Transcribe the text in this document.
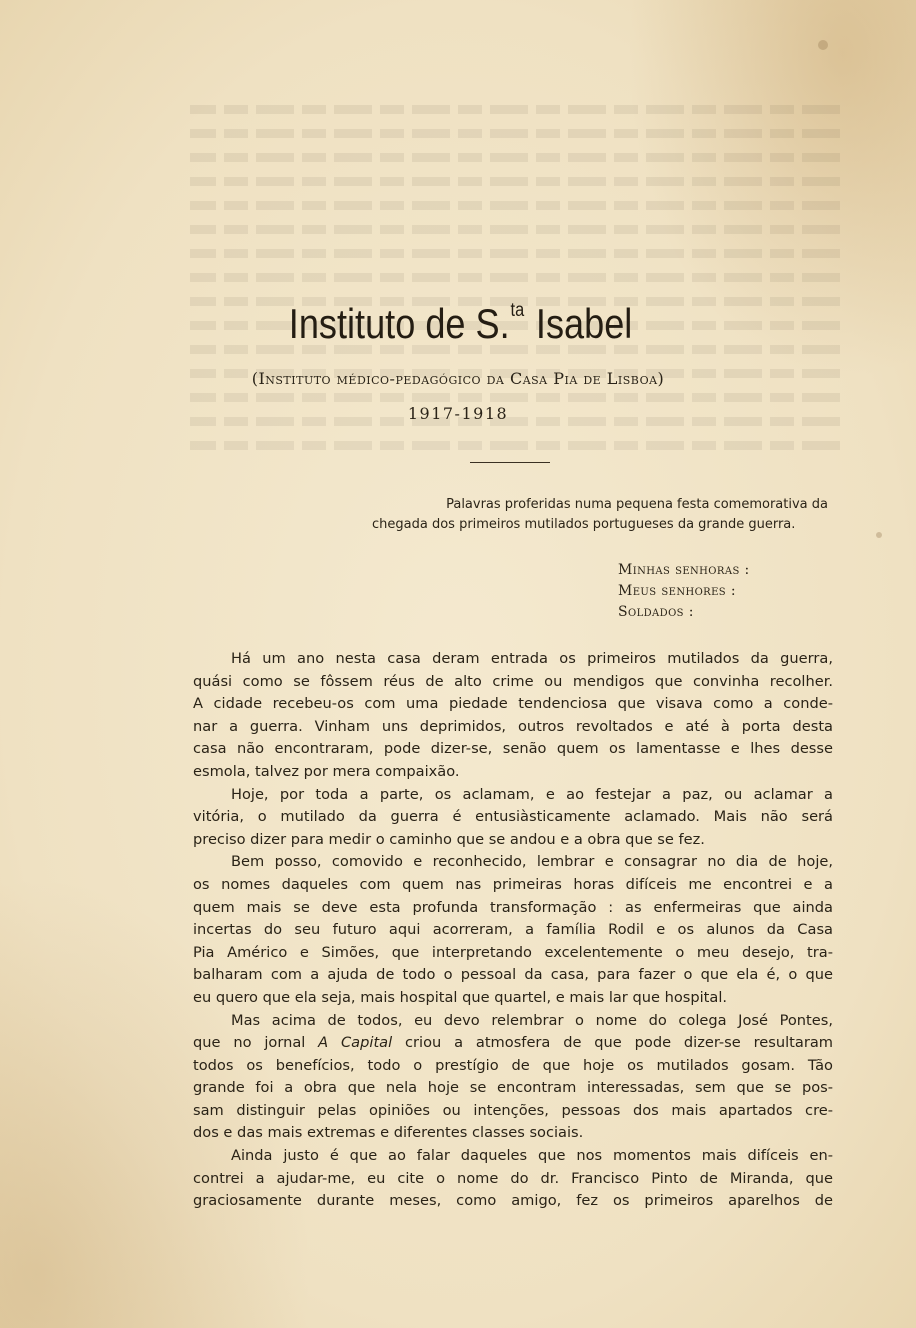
Instituto de S.$^{ta}$ Isabel
(Instituto médico-pedagógico da Casa Pia de Lisboa)
1917-1918

Palavras proferidas numa pequena festa comemorativa da

chegada dos primeiros mutilados portugueses da grande guerra.

Minhas senhoras :
Meus senhores :
Soldados :
Há um ano nesta casa deram entrada os primeiros mutilados da guerra,
quási como se fôssem réus de alto crime ou mendigos que convinha recolher.
A cidade recebeu-os com uma piedade tendenciosa que visava como a conde-
nar a guerra. Vinham uns deprimidos, outros revoltados e até à porta desta
casa não encontraram, pode dizer-se, senão quem os lamentasse e lhes desse
esmola, talvez por mera compaixão.
Hoje, por toda a parte, os aclamam, e ao festejar a paz, ou aclamar a
vitória, o mutilado da guerra é entusiàsticamente aclamado. Mais não será
preciso dizer para medir o caminho que se andou e a obra que se fez.
Bem posso, comovido e reconhecido, lembrar e consagrar no dia de hoje,
os nomes daqueles com quem nas primeiras horas difíceis me encontrei e a
quem mais se deve esta profunda transformação : as enfermeiras que ainda
incertas do seu futuro aqui acorreram, a família Rodil e os alunos da Casa
Pia Américo e Simões, que interpretando excelentemente o meu desejo, tra-
balharam com a ajuda de todo o pessoal da casa, para fazer o que ela é, o que
eu quero que ela seja, mais hospital que quartel, e mais lar que hospital.
Mas acima de todos, eu devo relembrar o nome do colega José Pontes,
que no jornal A Capital criou a atmosfera de que pode dizer-se resultaram
todos os benefícios, todo o prestígio de que hoje os mutilados gosam. Tão
grande foi a obra que nela hoje se encontram interessadas, sem que se pos-
sam distinguir pelas opiniões ou intenções, pessoas dos mais apartados cre-
dos e das mais extremas e diferentes classes sociais.
Ainda justo é que ao falar daqueles que nos momentos mais difíceis en-
contrei a ajudar-me, eu cite o nome do dr. Francisco Pinto de Miranda, que
graciosamente durante meses, como amigo, fez os primeiros aparelhos de
